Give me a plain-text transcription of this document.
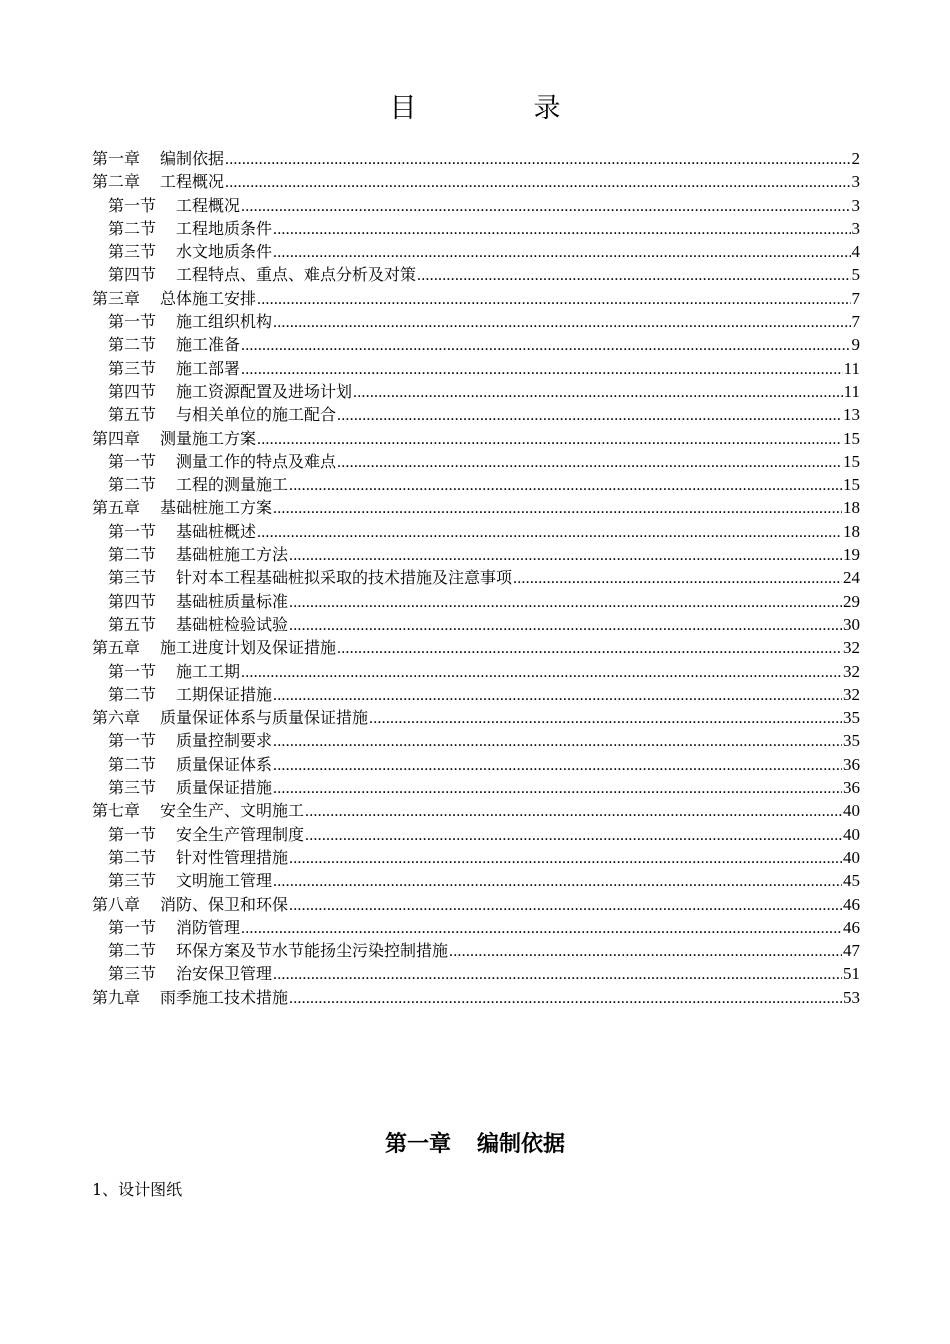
目　录
第一章 编制依据 .....	2
第二章 工程概况 .....	3
第一节 工程概况 .....	3
第二节 工程地质条件 .....	3
第三节 水文地质条件 .....	4
第四节 工程特点、重点、难点分析及对策 .....	5
第三章 总体施工安排 .....	7
第一节 施工组织机构 .....	7
第二节 施工准备 .....	9
第三节 施工部署 .....	11
第四节 施工资源配置及进场计划 .....	11
第五节 与相关单位的施工配合 .....	13
第四章 测量施工方案 .....	15
第一节 测量工作的特点及难点 .....	15
第二节 工程的测量施工 .....	15
第五章 基础桩施工方案 .....	18
第一节 基础桩概述 .....	18
第二节 基础桩施工方法 .....	19
第三节 针对本工程基础桩拟采取的技术措施及注意事项 .....	24
第四节 基础桩质量标准 .....	29
第五节 基础桩检验试验 .....	30
第五章 施工进度计划及保证措施 .....	32
第一节 施工工期 .....	32
第二节 工期保证措施 .....	32
第六章 质量保证体系与质量保证措施 .....	35
第一节 质量控制要求 .....	35
第二节 质量保证体系 .....	36
第三节 质量保证措施 .....	36
第七章 安全生产、文明施工 .....	40
第一节 安全生产管理制度 .....	40
第二节 针对性管理措施 .....	40
第三节 文明施工管理 .....	45
第八章 消防、保卫和环保 .....	46
第一节 消防管理 .....	46
第二节 环保方案及节水节能扬尘污染控制措施 .....	47
第三节 治安保卫管理 .....	51
第九章 雨季施工技术措施 .....	53
第一章 编制依据
1、设计图纸
